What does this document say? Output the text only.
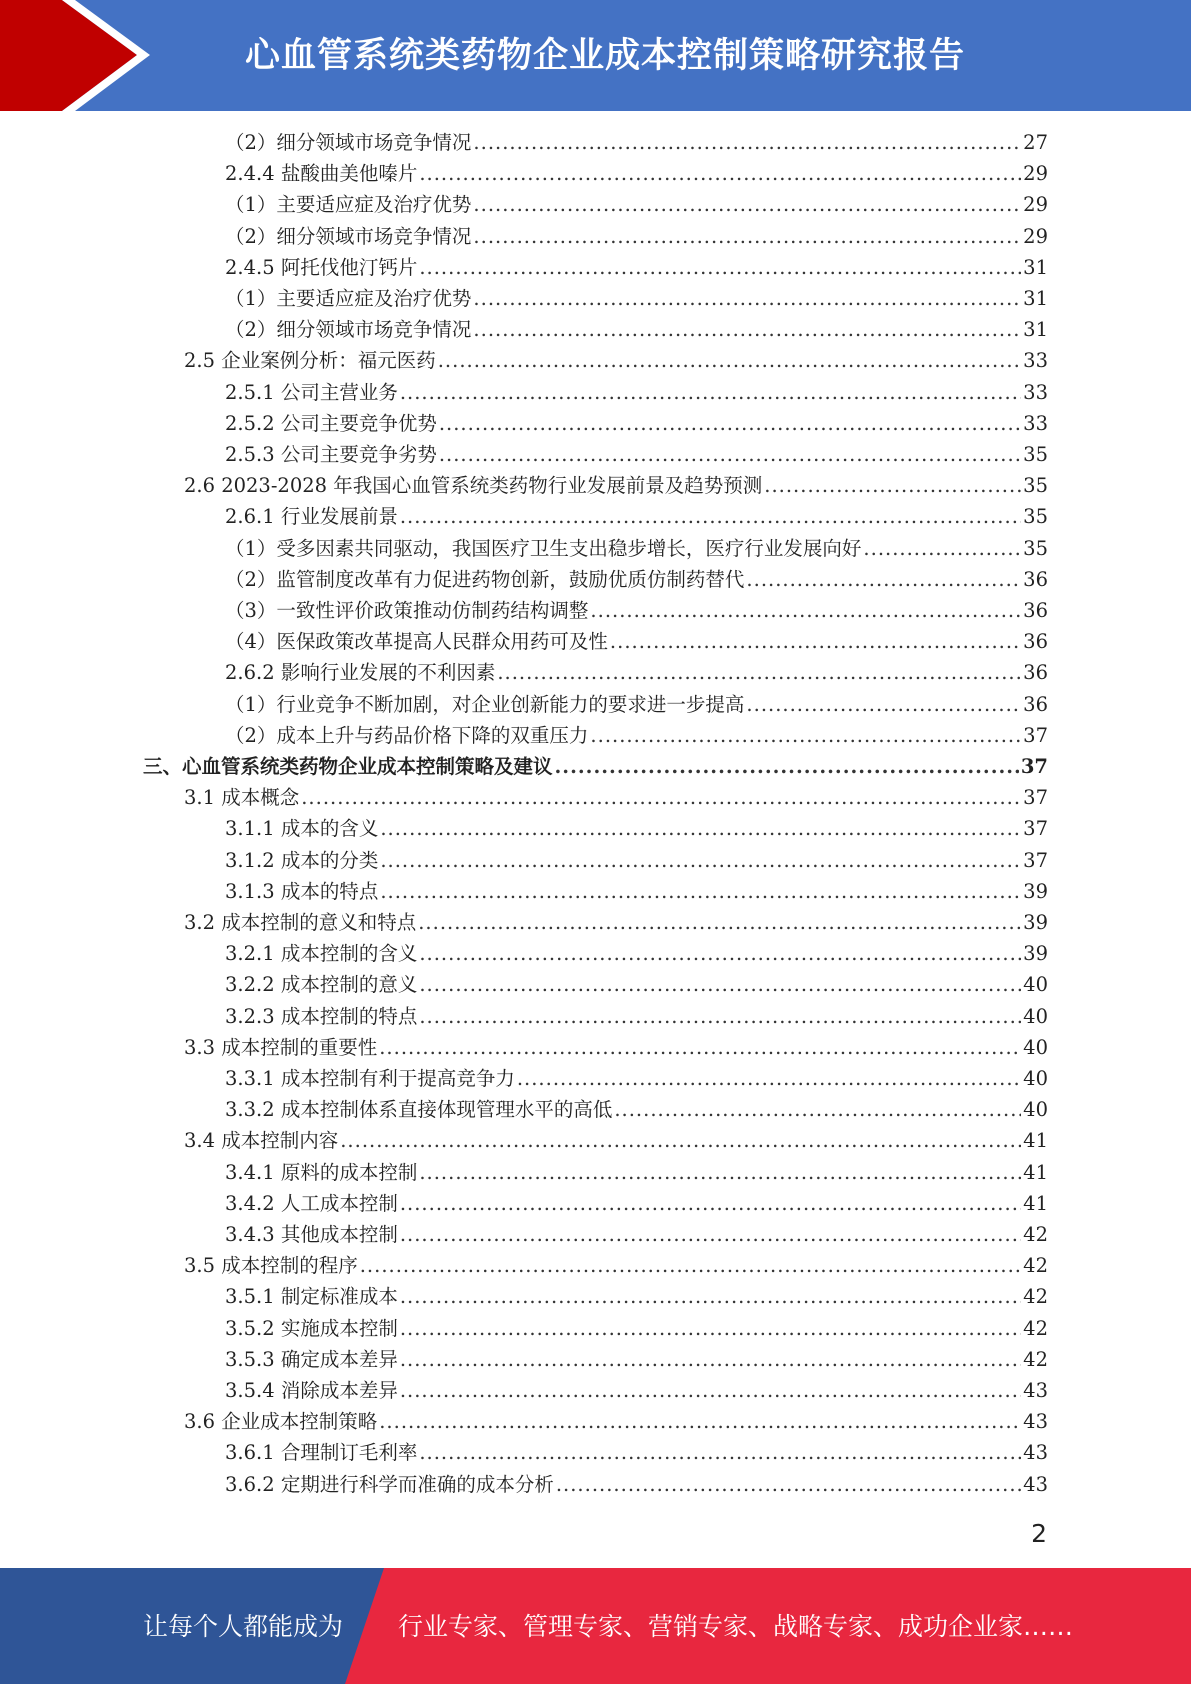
心血管系统类药物企业成本控制策略研究报告
（2）细分领域市场竞争情况 .....	27
2.4.4 盐酸曲美他嗪片 .....	29
（1）主要适应症及治疗优势 .....	29
（2）细分领域市场竞争情况 .....	29
2.4.5 阿托伐他汀钙片 .....	31
（1）主要适应症及治疗优势 .....	31
（2）细分领域市场竞争情况 .....	31
2.5 企业案例分析：福元医药 .....	33
2.5.1 公司主营业务 .....	33
2.5.2 公司主要竞争优势 .....	33
2.5.3 公司主要竞争劣势 .....	35
2.6 2023-2028 年我国心血管系统类药物行业发展前景及趋势预测 .....	35
2.6.1 行业发展前景 .....	35
（1）受多因素共同驱动，我国医疗卫生支出稳步增长，医疗行业发展向好 .....	35
（2）监管制度改革有力促进药物创新，鼓励优质仿制药替代 .....	36
（3）一致性评价政策推动仿制药结构调整 .....	36
（4）医保政策改革提高人民群众用药可及性 .....	36
2.6.2 影响行业发展的不利因素 .....	36
（1）行业竞争不断加剧，对企业创新能力的要求进一步提高 .....	36
（2）成本上升与药品价格下降的双重压力 .....	37
三、心血管系统类药物企业成本控制策略及建议 .....	37
3.1 成本概念 .....	37
3.1.1 成本的含义 .....	37
3.1.2 成本的分类 .....	37
3.1.3 成本的特点 .....	39
3.2 成本控制的意义和特点 .....	39
3.2.1 成本控制的含义 .....	39
3.2.2 成本控制的意义 .....	40
3.2.3 成本控制的特点 .....	40
3.3 成本控制的重要性 .....	40
3.3.1 成本控制有利于提高竞争力 .....	40
3.3.2 成本控制体系直接体现管理水平的高低 .....	40
3.4 成本控制内容 .....	41
3.4.1 原料的成本控制 .....	41
3.4.2 人工成本控制 .....	41
3.4.3 其他成本控制 .....	42
3.5 成本控制的程序 .....	42
3.5.1 制定标准成本 .....	42
3.5.2 实施成本控制 .....	42
3.5.3 确定成本差异 .....	42
3.5.4 消除成本差异 .....	43
3.6 企业成本控制策略 .....	43
3.6.1 合理制订毛利率 .....	43
3.6.2 定期进行科学而准确的成本分析 .....	43
2
让每个人都能成为 行业专家、管理专家、营销专家、战略专家、成功企业家……
